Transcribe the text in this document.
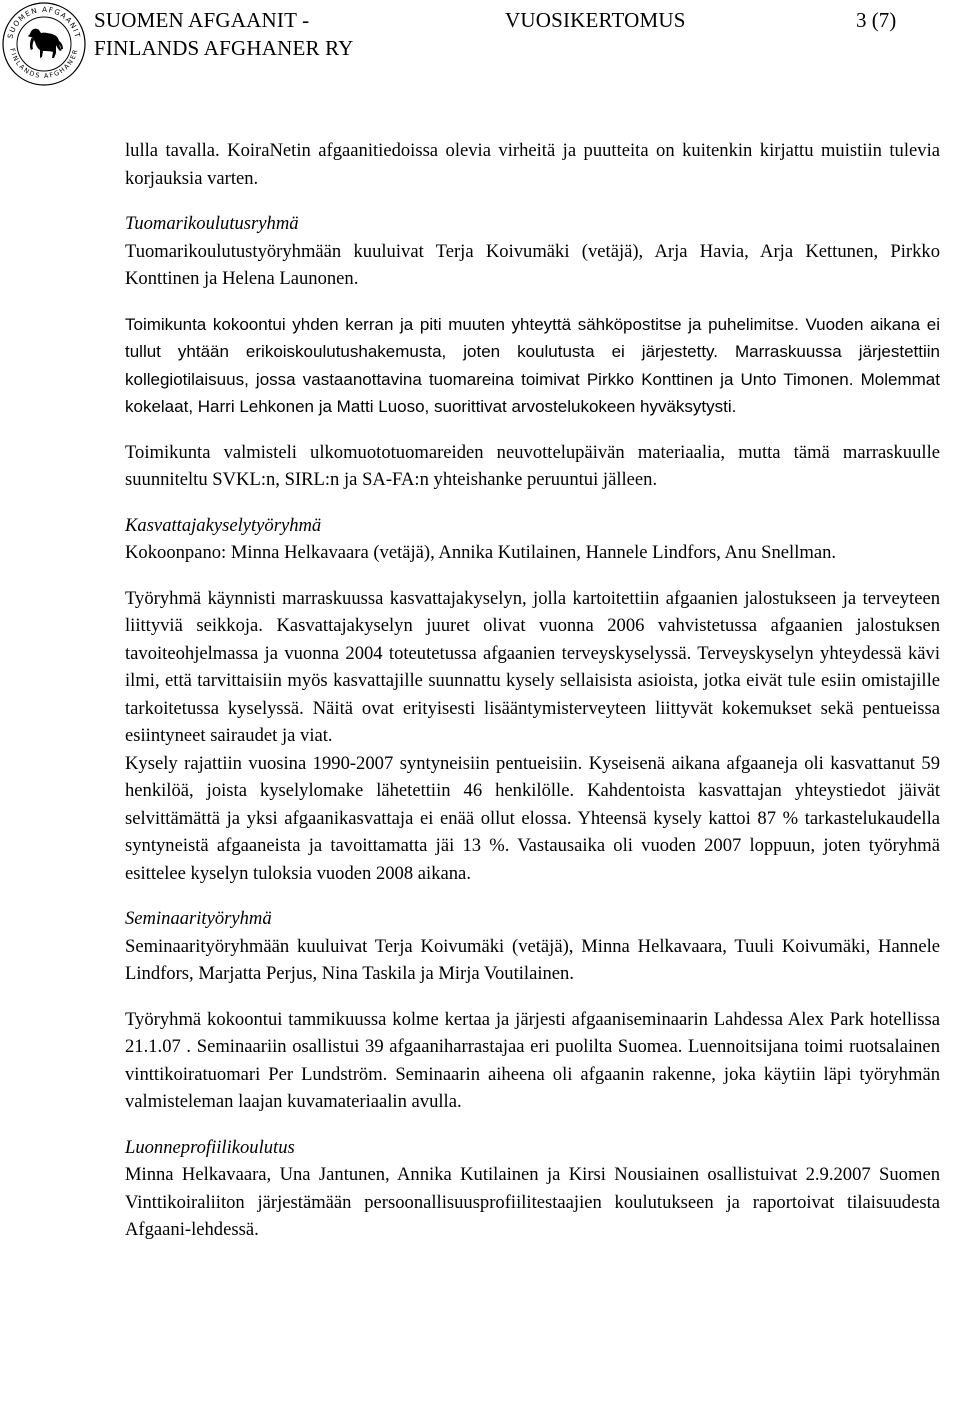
SUOMEN AFGAANIT
FINLANDS AFGHANER
SUOMEN AFGAANIT -
FINLANDS AFGHANER RY
VUOSIKERTOMUS	3 (7)

lulla tavalla. KoiraNetin afgaanitiedoissa olevia virheitä ja puutteita on kuitenkin kirjattu muistiin tulevia korjauksia varten.

Tuomarikoulutusryhmä

Tuomarikoulutustyöryhmään kuuluivat Terja Koivumäki (vetäjä), Arja Havia, Arja Kettunen, Pirkko Konttinen ja Helena Launonen.

Toimikunta kokoontui yhden kerran ja piti muuten yhteyttä sähköpostitse ja puhelimitse. Vuoden aikana ei tullut yhtään erikoiskoulutushakemusta, joten koulutusta ei järjestetty. Marraskuussa järjestettiin kollegiotilaisuus, jossa vastaanottavina tuomareina toimivat Pirkko Konttinen ja Unto Timonen. Molemmat kokelaat, Harri Lehkonen ja Matti Luoso, suorittivat arvostelukokeen hyväksytysti.

Toimikunta valmisteli ulkomuototuomareiden neuvottelupäivän materiaalia, mutta tämä marraskuulle suunniteltu SVKL:n, SIRL:n ja SA-FA:n yhteishanke peruuntui jälleen.

Kasvattajakyselytyöryhmä

Kokoonpano: Minna Helkavaara (vetäjä), Annika Kutilainen, Hannele Lindfors, Anu Snellman.

Työryhmä käynnisti marraskuussa kasvattajakyselyn, jolla kartoitettiin afgaanien jalostukseen ja terveyteen liittyviä seikkoja. Kasvattajakyselyn juuret olivat vuonna 2006 vahvistetussa afgaanien jalostuksen tavoiteohjelmassa ja vuonna 2004 toteutetussa afgaanien terveyskyselyssä. Terveyskyselyn yhteydessä kävi ilmi, että tarvittaisiin myös kasvattajille suunnattu kysely sellaisista asioista, jotka eivät tule esiin omistajille tarkoitetussa kyselyssä. Näitä ovat erityisesti lisääntymisterveyteen liittyvät kokemukset sekä pentueissa esiintyneet sairaudet ja viat.

Kysely rajattiin vuosina 1990-2007 syntyneisiin pentueisiin. Kyseisenä aikana afgaaneja oli kasvattanut 59 henkilöä, joista kyselylomake lähetettiin 46 henkilölle. Kahdentoista kasvattajan yhteystiedot jäivät selvittämättä ja yksi afgaanikasvattaja ei enää ollut elossa. Yhteensä kysely kattoi 87 % tarkastelukaudella syntyneistä afgaaneista ja tavoittamatta jäi 13 %. Vastausaika oli vuoden 2007 loppuun, joten työryhmä esittelee kyselyn tuloksia vuoden 2008 aikana.

Seminaarityöryhmä

Seminaarityöryhmään kuuluivat Terja Koivumäki (vetäjä), Minna Helkavaara, Tuuli Koivumäki, Hannele Lindfors, Marjatta Perjus, Nina Taskila ja Mirja Voutilainen.

Työryhmä kokoontui tammikuussa kolme kertaa ja järjesti afgaaniseminaarin Lahdessa Alex Park hotellissa 21.1.07 . Seminaariin osallistui 39 afgaaniharrastajaa eri puolilta Suomea. Luennoitsijana toimi ruotsalainen vinttikoiratuomari Per Lundström. Seminaarin aiheena oli afgaanin rakenne, joka käytiin läpi työryhmän valmisteleman laajan kuvamateriaalin avulla.

Luonneprofiilikoulutus

Minna Helkavaara, Una Jantunen, Annika Kutilainen ja Kirsi Nousiainen osallistuivat 2.9.2007 Suomen Vinttikoiraliiton järjestämään persoonallisuusprofiilitestaajien koulutukseen ja raportoivat tilaisuudesta Afgaani-lehdessä.
